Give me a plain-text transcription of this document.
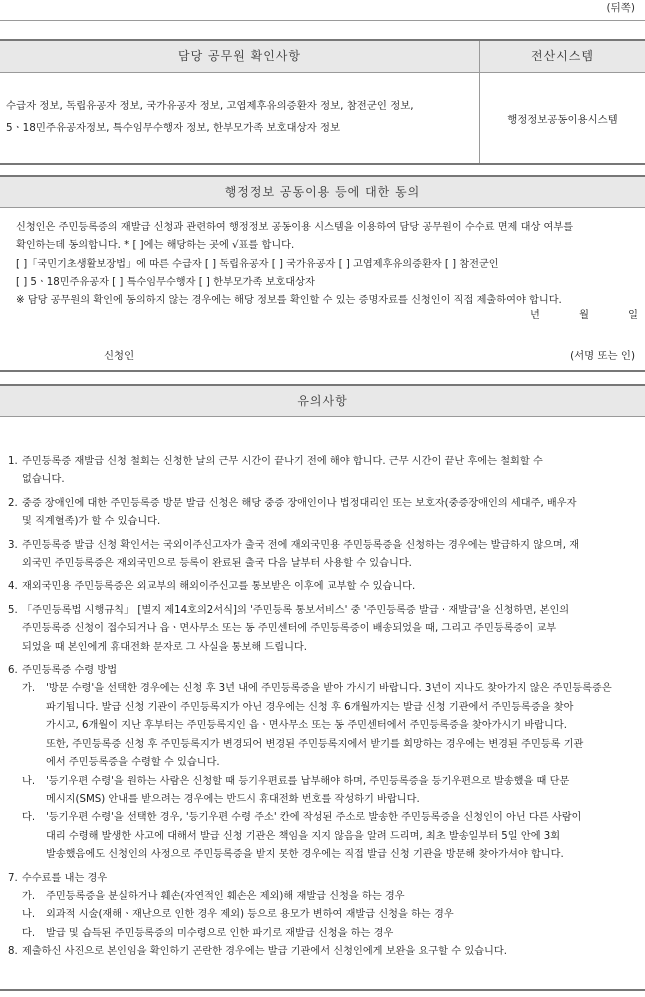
(뒤쪽)
담당 공무원 확인사항	전산시스템
수급자 정보, 독립유공자 정보, 국가유공자 정보, 고엽제후유의증환자 정보, 참전군인 정보,
5ㆍ18민주유공자정보, 특수임무수행자 정보, 한부모가족 보호대상자 정보
행정정보공동이용시스템
행정정보 공동이용 등에 대한 동의

신청인은 주민등록증의 재발급 신청과 관련하여 행정정보 공동이용 시스템을 이용하여 담당 공무원이 수수료 면제 대상 여부를

확인하는데 동의합니다. * [ ]에는 해당하는 곳에 √표를 합니다.

[ ]「국민기초생활보장법」에 따른 수급자 [ ] 독립유공자 [ ] 국가유공자 [ ] 고엽제후유의증환자 [ ] 참전군인

[ ] 5ㆍ18민주유공자 [ ] 특수임무수행자 [ ] 한부모가족 보호대상자

※ 담당 공무원의 확인에 동의하지 않는 경우에는 해당 정보를 확인할 수 있는 증명자료를 신청인이 직접 제출하여야 합니다.

년	월	일
신청인	(서명 또는 인)
유의사항
1. 주민등록증 재발급 신청 철회는 신청한 날의 근무 시간이 끝나기 전에 해야 합니다. 근무 시간이 끝난 후에는 철회할 수
없습니다.
2. 중증 장애인에 대한 주민등록증 방문 발급 신청은 해당 중증 장애인이나 법정대리인 또는 보호자(중증장애인의 세대주, 배우자
및 직계혈족)가 할 수 있습니다.
3. 주민등록증 발급 신청 확인서는 국외이주신고자가 출국 전에 재외국민용 주민등록증을 신청하는 경우에는 발급하지 않으며, 재
외국민 주민등록증은 재외국민으로 등록이 완료된 출국 다음 날부터 사용할 수 있습니다.
4. 재외국민용 주민등록증은 외교부의 해외이주신고를 통보받은 이후에 교부할 수 있습니다.
5. 「주민등록법 시행규칙」 [별지 제14호의2서식]의 '주민등록 통보서비스' 중 '주민등록증 발급 · 재발급'을 신청하면, 본인의
주민등록증 신청이 접수되거나 읍ㆍ면사무소 또는 동 주민센터에 주민등록증이 배송되었을 때, 그리고 주민등록증이 교부
되었을 때 본인에게 휴대전화 문자로 그 사실을 통보해 드립니다.
6. 주민등록증 수령 방법
가. '방문 수령'을 선택한 경우에는 신청 후 3년 내에 주민등록증을 받아 가시기 바랍니다. 3년이 지나도 찾아가지 않은 주민등록증은
파기됩니다. 발급 신청 기관이 주민등록지가 아닌 경우에는 신청 후 6개월까지는 발급 신청 기관에서 주민등록증을 찾아
가시고, 6개월이 지난 후부터는 주민등록지인 읍ㆍ면사무소 또는 동 주민센터에서 주민등록증을 찾아가시기 바랍니다.
또한, 주민등록증 신청 후 주민등록지가 변경되어 변경된 주민등록지에서 받기를 희망하는 경우에는 변경된 주민등록 기관
에서 주민등록증을 수령할 수 있습니다.
나. '등기우편 수령'을 원하는 사람은 신청할 때 등기우편료를 납부해야 하며, 주민등록증을 등기우편으로 발송했을 때 단문
메시지(SMS) 안내를 받으려는 경우에는 반드시 휴대전화 번호를 작성하기 바랍니다.
다. '등기우편 수령'을 선택한 경우, '등기우편 수령 주소' 칸에 작성된 주소로 발송한 주민등록증을 신청인이 아닌 다른 사람이
대리 수령해 발생한 사고에 대해서 발급 신청 기관은 책임을 지지 않음을 알려 드리며, 최초 발송일부터 5일 안에 3회
발송했음에도 신청인의 사정으로 주민등록증을 받지 못한 경우에는 직접 발급 신청 기관을 방문해 찾아가셔야 합니다.
7. 수수료를 내는 경우
가. 주민등록증을 분실하거나 훼손(자연적인 훼손은 제외)해 재발급 신청을 하는 경우
나. 외과적 시술(재해ㆍ재난으로 인한 경우 제외) 등으로 용모가 변하여 재발급 신청을 하는 경우
다. 발급 및 습득된 주민등록증의 미수령으로 인한 파기로 재발급 신청을 하는 경우
8. 제출하신 사진으로 본인임을 확인하기 곤란한 경우에는 발급 기관에서 신청인에게 보완을 요구할 수 있습니다.
